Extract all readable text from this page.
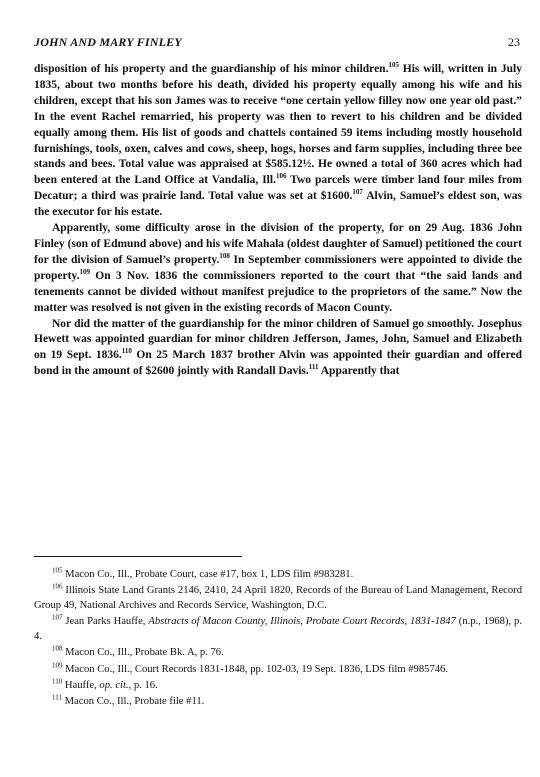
JOHN AND MARY FINLEY	23

disposition of his property and the guardianship of his minor children.$^{105}$ His will, written in July 1835, about two months before his death, divided his property equally among his wife and his children, except that his son James was to receive “one certain yellow filley now one year old past.” In the event Rachel remarried, his property was then to revert to his children and be divided equally among them. His list of goods and chattels contained 59 items including mostly household furnishings, tools, oxen, calves and cows, sheep, hogs, horses and farm supplies, including three bee stands and bees. Total value was appraised at $585.12½. He owned a total of 360 acres which had been entered at the Land Office at Vandalia, Ill.$^{106}$ Two parcels were timber land four miles from Decatur; a third was prairie land. Total value was set at $1600.$^{107}$ Alvin, Samuel’s eldest son, was the executor for his estate.

Apparently, some difficulty arose in the division of the property, for on 29 Aug. 1836 John Finley (son of Edmund above) and his wife Mahala (oldest daughter of Samuel) petitioned the court for the division of Samuel’s property.$^{108}$ In September commissioners were appointed to divide the property.$^{109}$ On 3 Nov. 1836 the commissioners reported to the court that “the said lands and tenements cannot be divided without manifest prejudice to the proprietors of the same.” Now the matter was resolved is not given in the existing records of Macon County.

Nor did the matter of the guardianship for the minor children of Samuel go smoothly. Josephus Hewett was appointed guardian for minor children Jefferson, James, John, Samuel and Elizabeth on 19 Sept. 1836.$^{110}$ On 25 March 1837 brother Alvin was appointed their guardian and offered bond in the amount of $2600 jointly with Randall Davis.$^{111}$ Apparently that

$^{105}$ Macon Co., Ill., Probate Court, case #17, box 1, LDS film #983281.

$^{106}$ Illinois State Land Grants 2146, 2410, 24 April 1820, Records of the Bureau of Land Management, Record Group 49, National Archives and Records Service, Washington, D.C.

$^{107}$ Jean Parks Hauffe, Abstracts of Macon County, Illinois, Probate Court Records, 1831-1847 (n.p., 1968), p. 4.

$^{108}$ Macon Co., Ill., Probate Bk. A, p. 76.

$^{109}$ Macon Co., Ill., Court Records 1831-1848, pp. 102-03, 19 Sept. 1836, LDS film #985746.

$^{110}$ Hauffe, op. cit., p. 16.

$^{111}$ Macon Co., Ill., Probate file #11.
